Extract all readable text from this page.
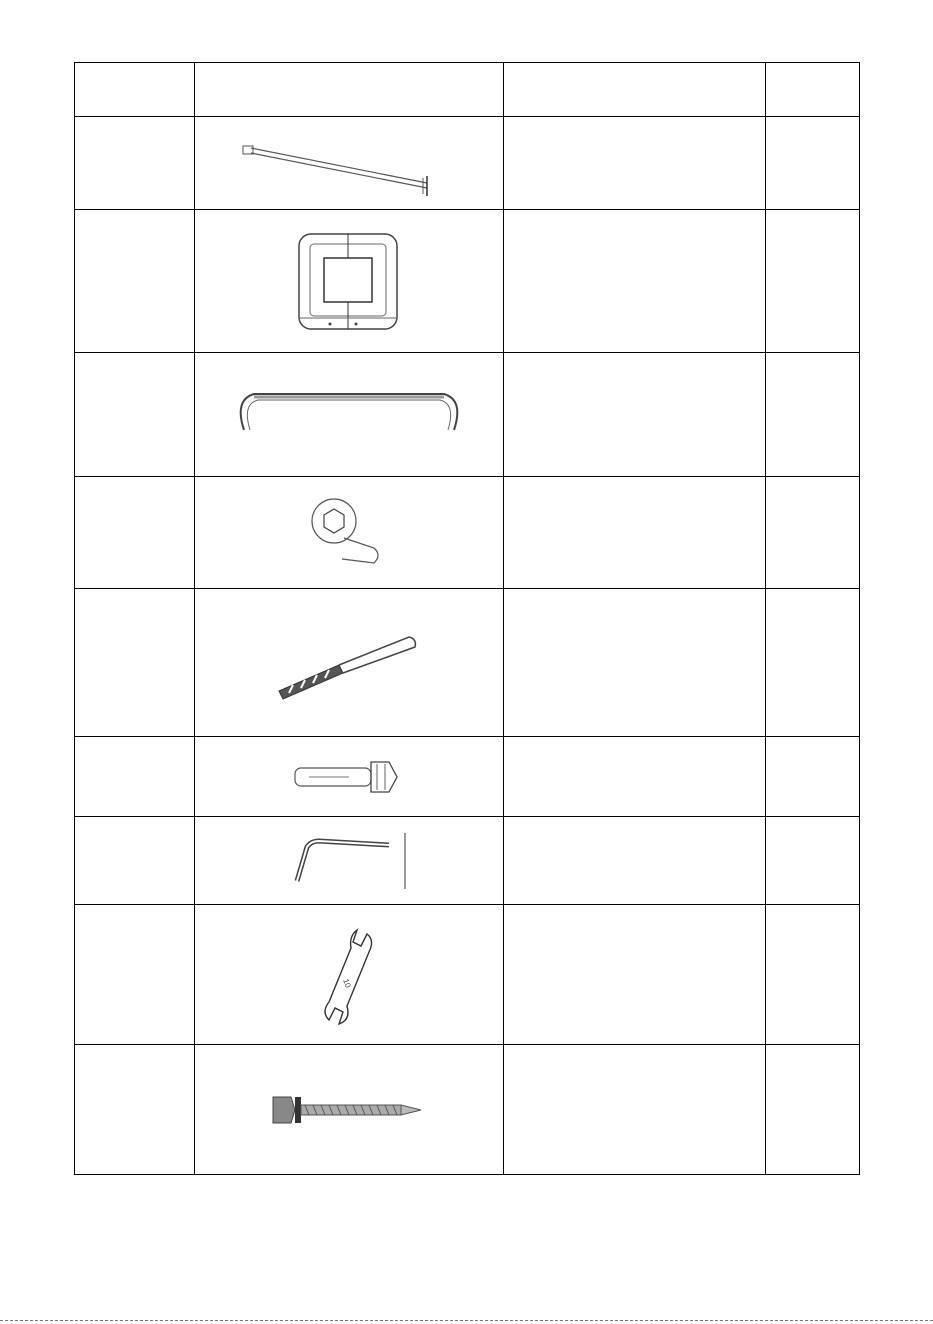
10		
